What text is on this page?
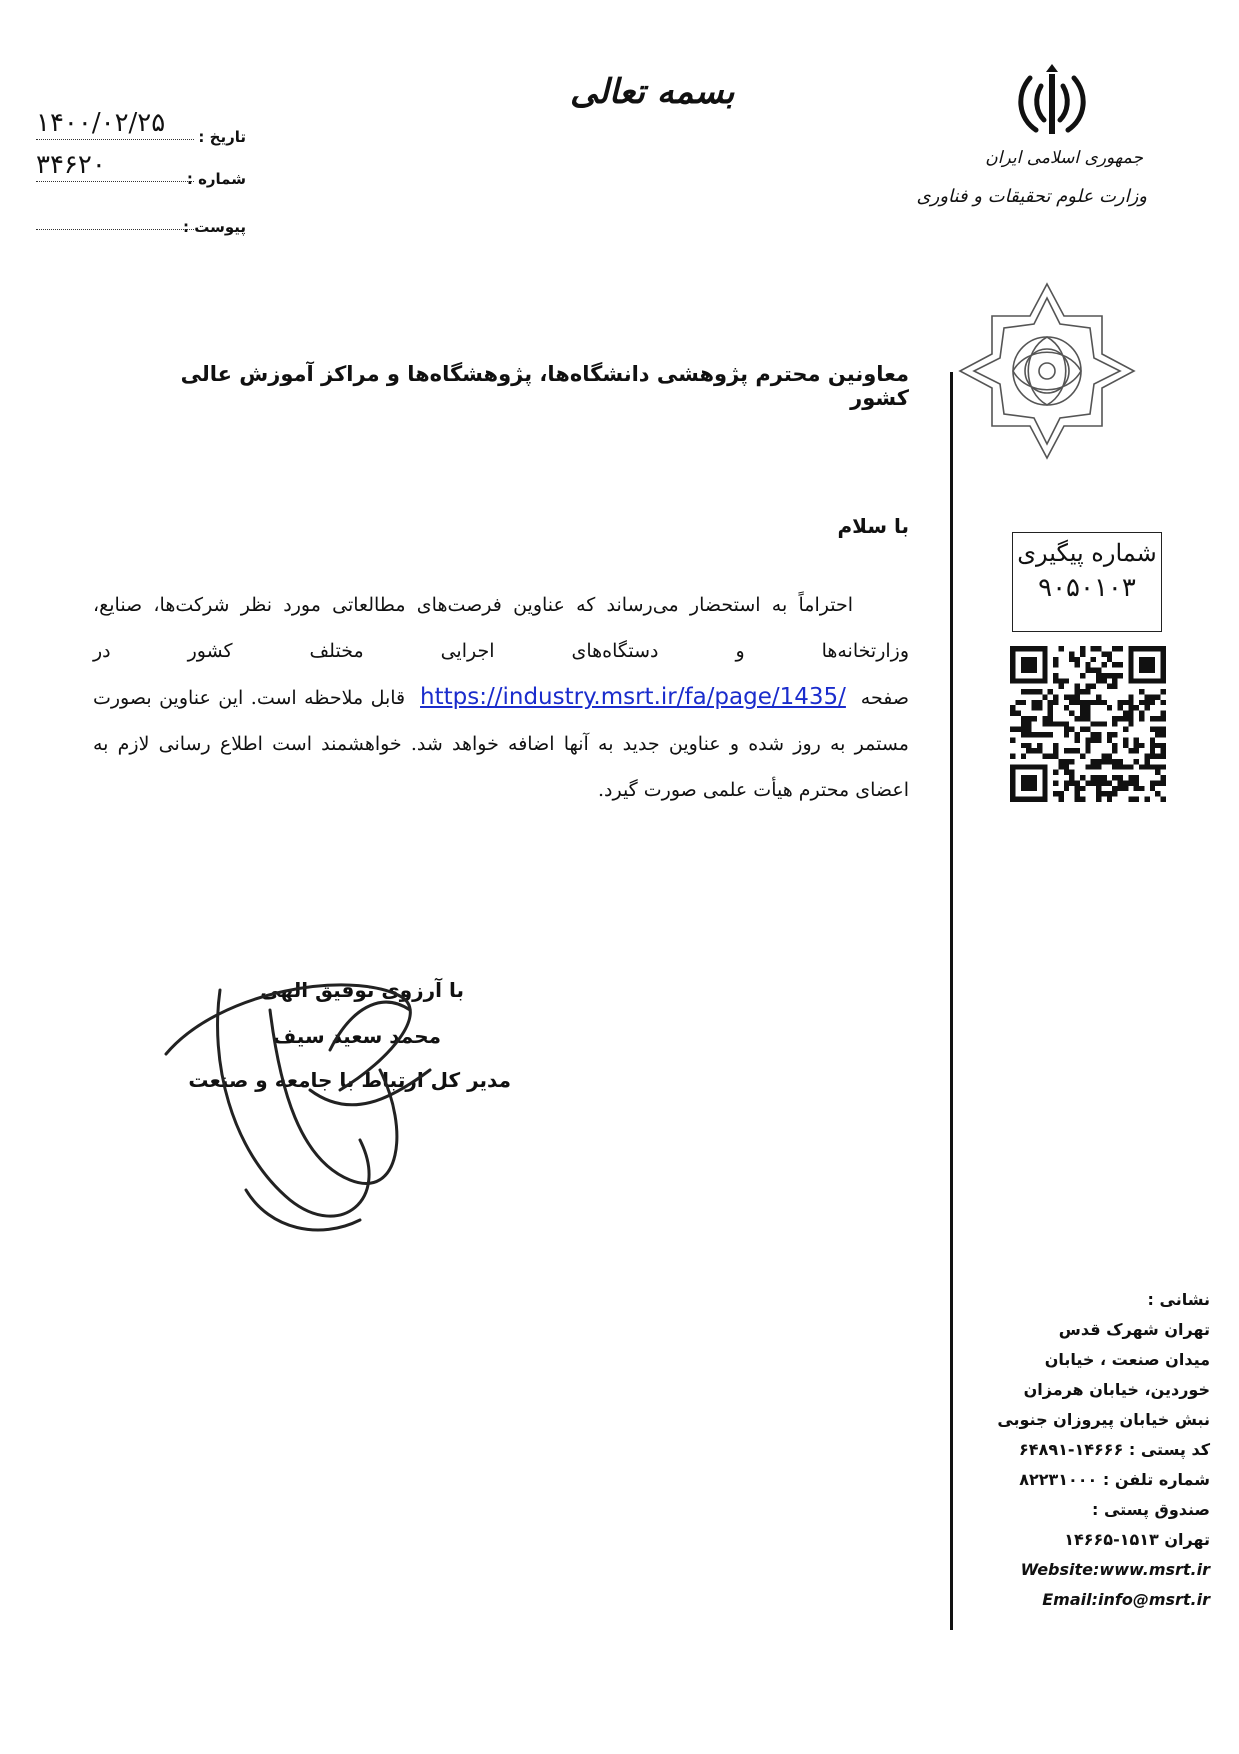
۱۴۰۰/۰۲/۲۵ تاریخ :
۳۴۶۲۰	شماره :
پیوست :
بسمه تعالی
جمهوری اسلامی ایران
وزارت علوم تحقیقات و فناوری
شماره پیگیری
۹۰۵۰۱۰۳
معاونین محترم پژوهشی دانشگاه‌ها، پژوهشگاه‌ها و مراکز آموزش عالی کشور
با سلام
احتراماً به استحضار می‌رساند که عناوین فرصت‌های مطالعاتی مورد نظر شرکت‌ها، صنایع، وزارتخانه‌ها و دستگاه‌های اجرایی مختلف کشور در صفحه  https://industry.msrt.ir/fa/page/1435/  قابل ملاحظه است. این عناوین بصورت مستمر به روز شده و عناوین جدید به آنها اضافه خواهد شد. خواهشمند است اطلاع رسانی لازم به اعضای محترم هیأت علمی صورت گیرد.
با آرزوی توفیق الهی
محمد سعید سیف
مدیر کل ارتباط با جامعه و صنعت
نشانی :
تهران شهرک قدس
میدان صنعت ، خیابان
خوردین، خیابان هرمزان
نبش خیابان پیروزان جنوبی
کد پستی : ۱۴۶۶۶-۶۴۸۹۱
شماره تلفن : ۸۲۲۳۱۰۰۰
صندوق پستی :
تهران ۱۵۱۳-۱۴۶۶۵
Website:www.msrt.ir
Email:info@msrt.ir
